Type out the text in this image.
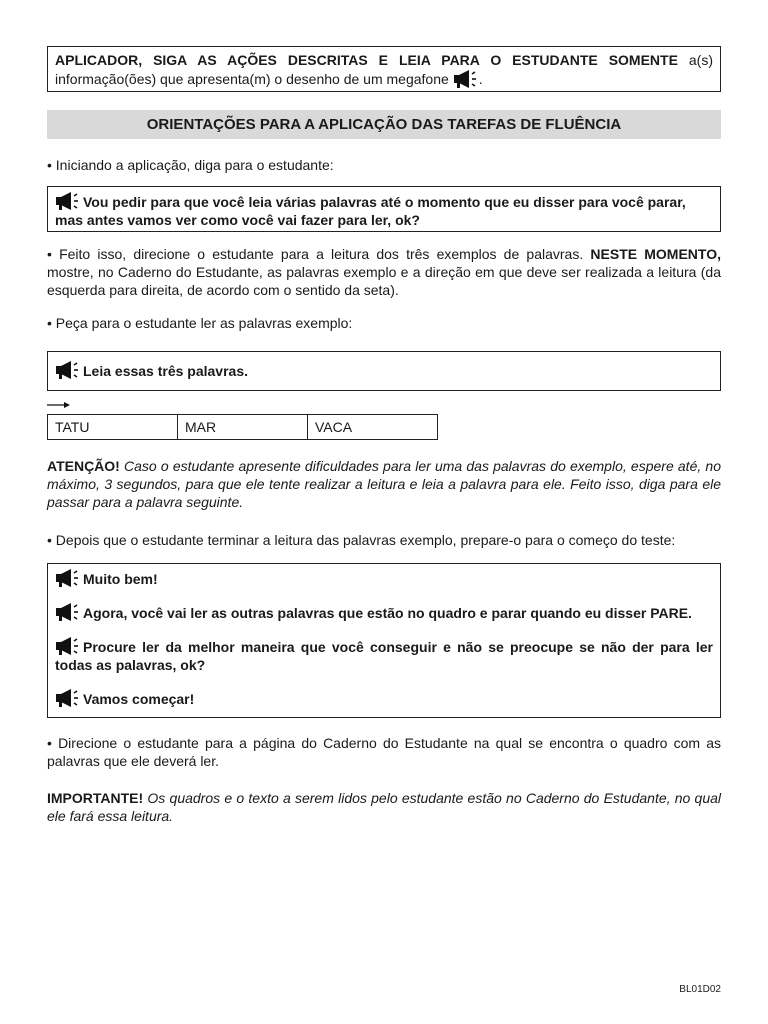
APLICADOR, SIGA AS AÇÕES DESCRITAS E LEIA PARA O ESTUDANTE SOMENTE a(s) informação(ões) que apresenta(m) o desenho de um megafone .
ORIENTAÇÕES PARA A APLICAÇÃO DAS TAREFAS DE FLUÊNCIA
• Iniciando a aplicação, diga para o estudante:
Vou pedir para que você leia várias palavras até o momento que eu disser para você parar, mas antes vamos ver como você vai fazer para ler, ok?
• Feito isso, direcione o estudante para a leitura dos três exemplos de palavras. NESTE MOMENTO, mostre, no Caderno do Estudante, as palavras exemplo e a direção em que deve ser realizada a leitura (da esquerda para direita, de acordo com o sentido da seta).
• Peça para o estudante ler as palavras exemplo:
Leia essas três palavras.
TATU	MAR	VACA
ATENÇÃO! Caso o estudante apresente dificuldades para ler uma das palavras do exemplo, espere até, no máximo, 3 segundos, para que ele tente realizar a leitura e leia a palavra para ele. Feito isso, diga para ele passar para a palavra seguinte.
• Depois que o estudante terminar a leitura das palavras exemplo, prepare-o para o começo do teste:
Muito bem!
Agora, você vai ler as outras palavras que estão no quadro e parar quando eu disser PARE.
Procure ler da melhor maneira que você conseguir e não se preocupe se não der para ler todas as palavras, ok?
Vamos começar!
• Direcione o estudante para a página do Caderno do Estudante na qual se encontra o quadro com as palavras que ele deverá ler.
IMPORTANTE! Os quadros e o texto a serem lidos pelo estudante estão no Caderno do Estudante, no qual ele fará essa leitura.
BL01D02
